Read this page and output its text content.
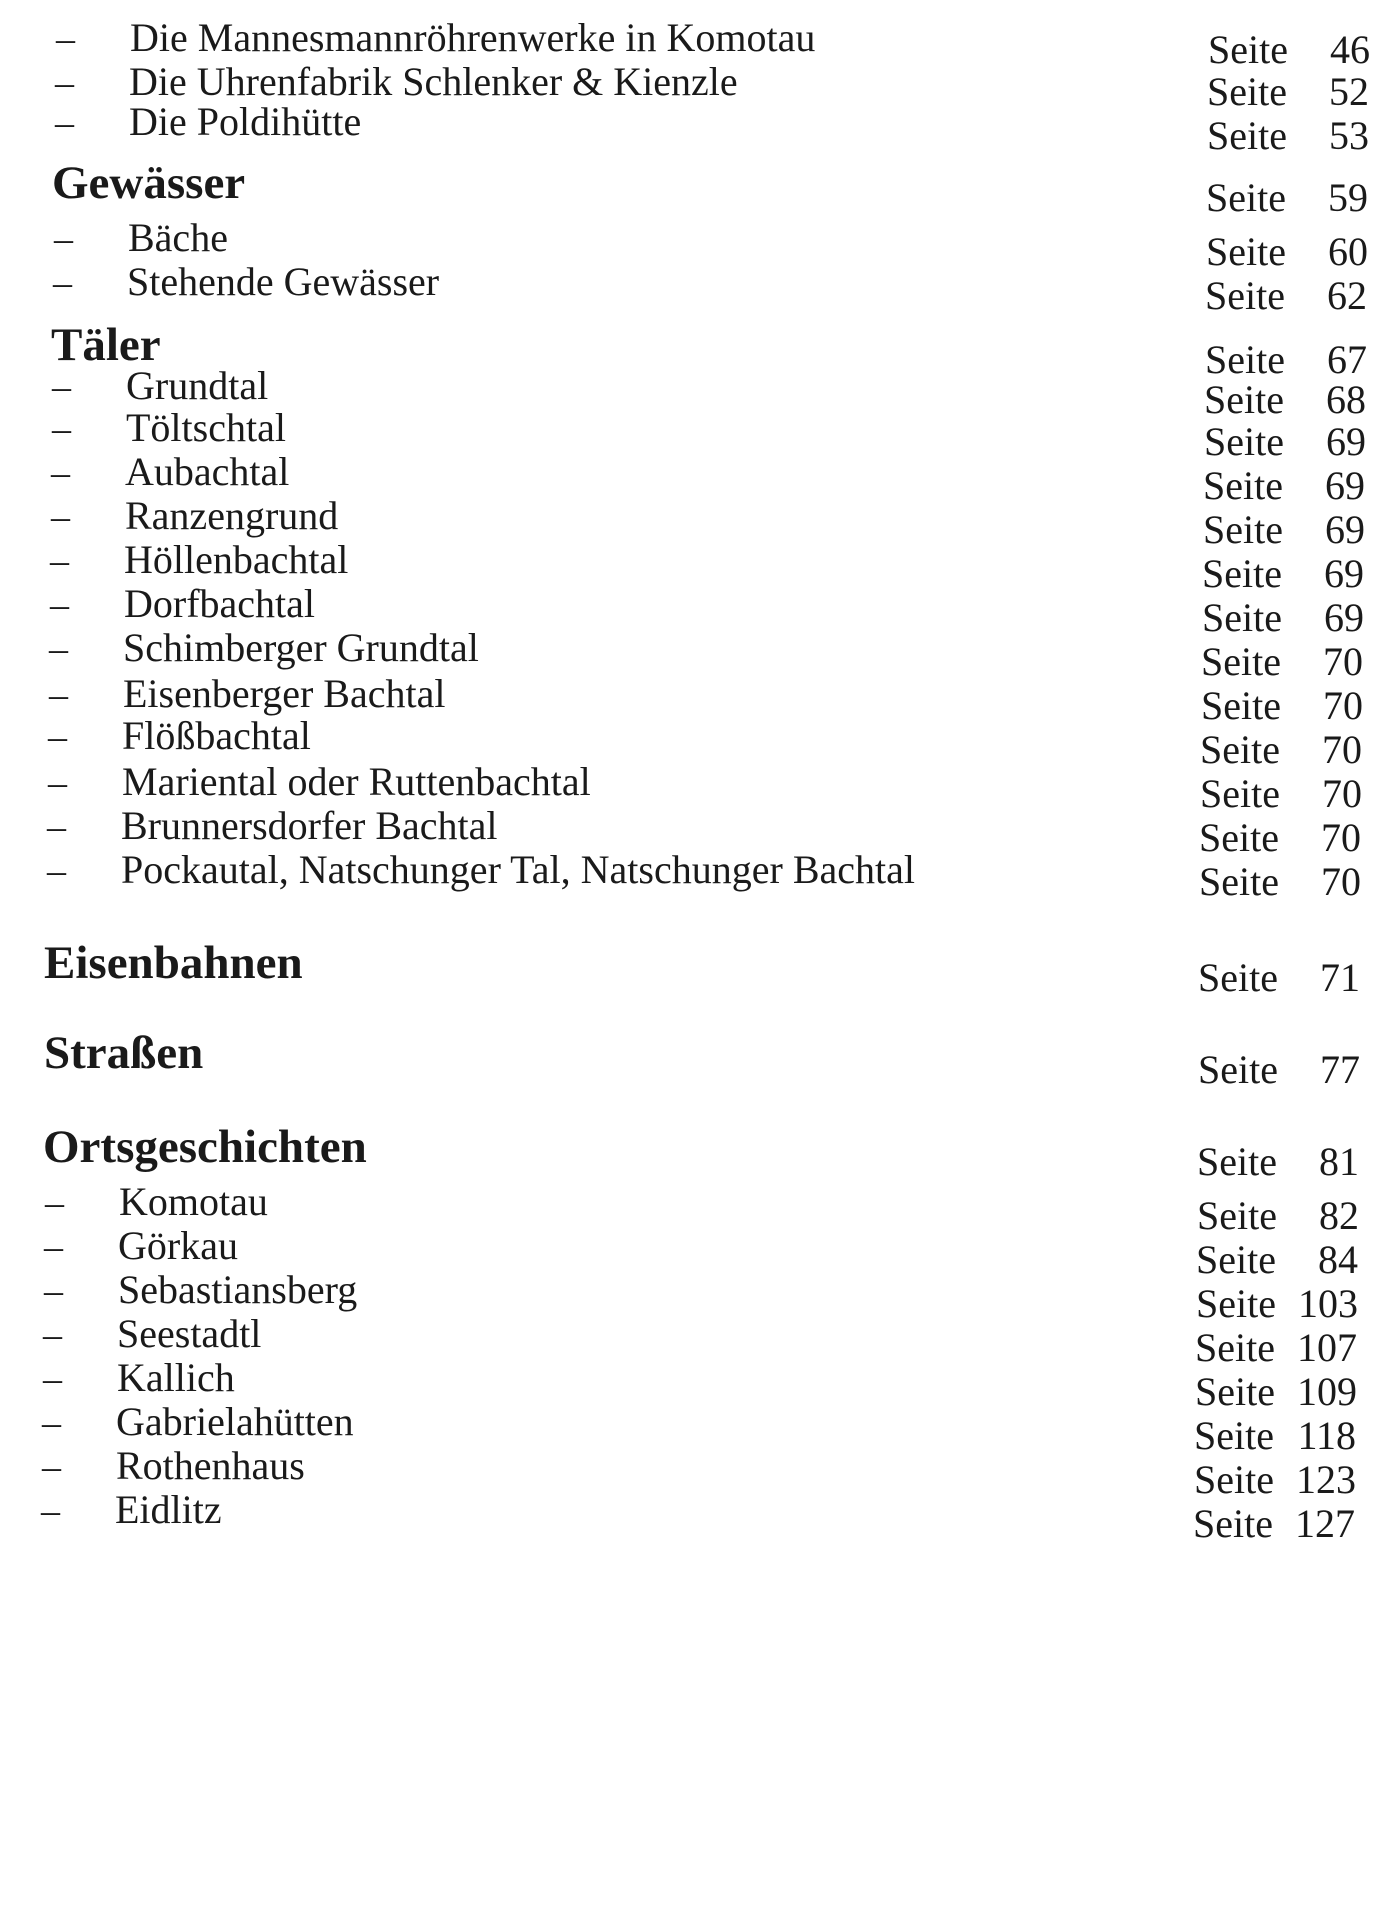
– Die Mannesmannröhrenwerke in Komotau	Seite	46
– Die Uhrenfabrik Schlenker & Kienzle	Seite	52
– Die Poldihütte	Seite	53
Gewässer	Seite	59
– Bäche	Seite	60
– Stehende Gewässer	Seite	62
Täler	Seite	67
– Grundtal	Seite	68
– Töltschtal	Seite	69
– Aubachtal	Seite	69
– Ranzengrund	Seite	69
– Höllenbachtal	Seite	69
– Dorfbachtal	Seite	69
– Schimberger Grundtal	Seite	70
– Eisenberger Bachtal	Seite	70
– Flößbachtal	Seite	70
– Mariental oder Ruttenbachtal	Seite	70
– Brunnersdorfer Bachtal	Seite	70
– Pockautal, Natschunger Tal, Natschunger Bachtal	Seite	70
Eisenbahnen	Seite	71
Straßen	Seite	77
Ortsgeschichten	Seite	81
– Komotau	Seite	82
– Görkau	Seite	84
– Sebastiansberg	Seite 103
– Seestadtl	Seite 107
– Kallich	Seite 109
– Gabrielahütten	Seite 118
– Rothenhaus	Seite 123
– Eidlitz	Seite 127
